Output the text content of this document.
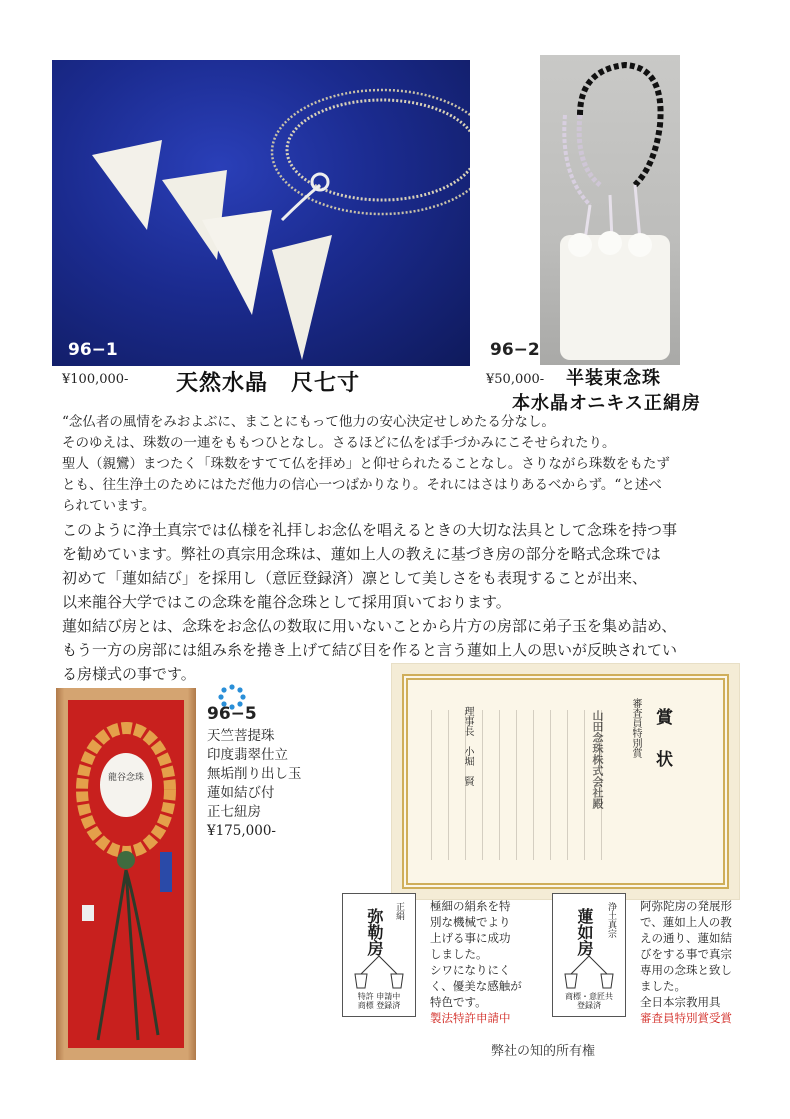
96−1
¥100,000- 天然水晶　尺七寸
96−2
¥50,000- 半装束念珠
本水晶オニキス正絹房

“念仏者の風情をみおよぶに、まことにもって他力の安心決定せしめたる分なし。

そのゆえは、珠数の一連をももつひとなし。さるほどに仏をば手づかみにこそせられたり。

聖人（親鸞）まつたく「珠数をすてて仏を拝め」と仰せられたることなし。さりながら珠数をもたず

とも、往生浄土のためにはただ他力の信心一つばかりなり。それにはさはりあるべからず。“と述べ

られています。

このように浄土真宗では仏様を礼拝しお念仏を唱えるときの大切な法具として念珠を持つ事

を勧めています。弊社の真宗用念珠は、蓮如上人の教えに基づき房の部分を略式念珠では

初めて「蓮如結び」を採用し（意匠登録済）凛として美しさをも表現することが出来、

以来龍谷大学ではこの念珠を龍谷念珠として採用頂いております。

蓮如結び房とは、念珠をお念仏の数取に用いないことから片方の房部に弟子玉を集め詰め、

もう一方の房部には組み糸を捲き上げて結び目を作ると言う蓮如上人の思いが反映されてい

る房様式の事です。

龍谷念珠
96−5
天竺菩提珠
印度翡翠仕立
無垢削り出し玉
蓮如結び付
正七紐房
¥175,000-
賞　状
審査員特別賞
山田念珠株式会社殿
理事長　小堀　賢
正絹
弥勒房
特許 申請中
商標 登録済
極細の絹糸を特
別な機械でより
上げる事に成功
しました。
シワになりにく
く、優美な感触が
特色です。
製法特許申請中
浄土真宗
蓮如房
商標・意匠共
登録済
阿弥陀房の発展形
で、蓮如上人の教
えの通り、蓮如結
びをする事で真宗
専用の念珠と致し
ました。
全日本宗教用具
審査員特別賞受賞
弊社の知的所有権
